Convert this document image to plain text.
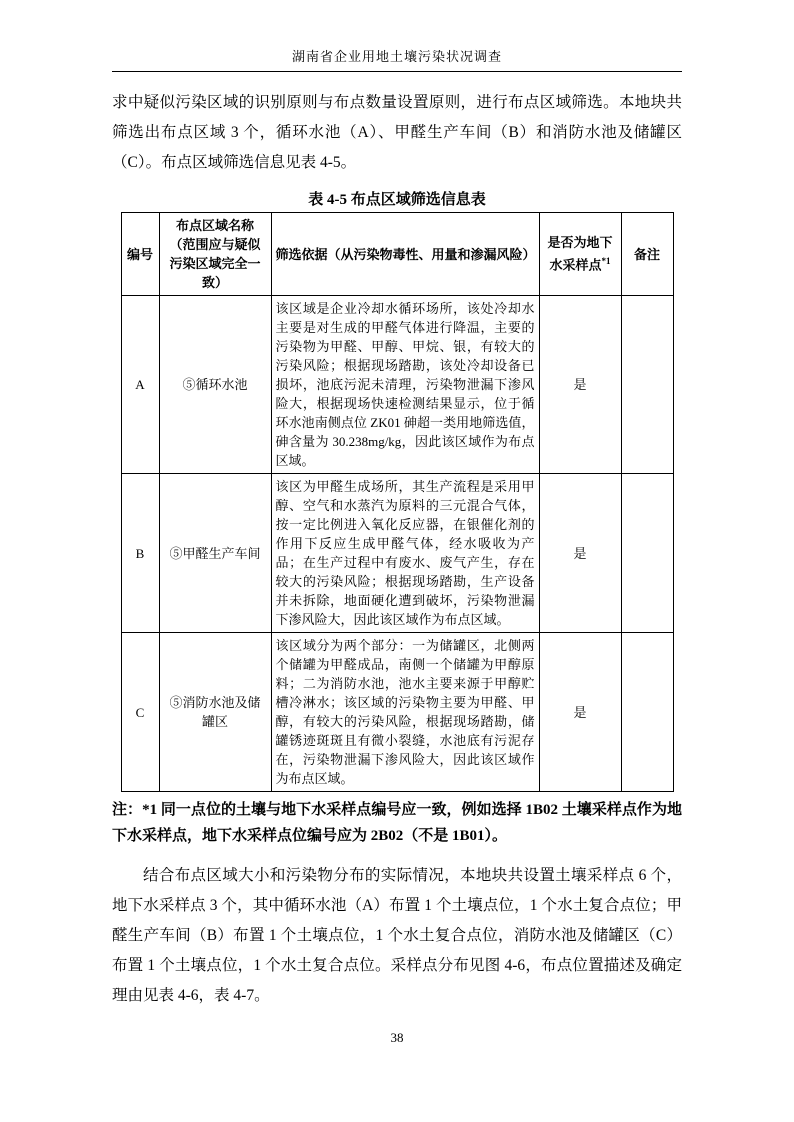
湖南省企业用地土壤污染状况调查

求中疑似污染区域的识别原则与布点数量设置原则，进行布点区域筛选。本地块共筛选出布点区域 3 个，循环水池（A）、甲醛生产车间（B）和消防水池及储罐区（C）。布点区域筛选信息见表 4-5。

表 4-5 布点区域筛选信息表
编号	布点区域名称（范围应与疑似污染区域完全一致）	筛选依据（从污染物毒性、用量和渗漏风险）	是否为地下水采样点$^{*1}$	备注
A	⑤循环水池	该区域是企业冷却水循环场所，该处冷却水主要是对生成的甲醛气体进行降温，主要的污染物为甲醛、甲醇、甲烷、银，有较大的污染风险；根据现场踏勘，该处冷却设备已损坏，池底污泥未清理，污染物泄漏下渗风险大，根据现场快速检测结果显示，位于循环水池南侧点位 ZK01 砷超一类用地筛选值，砷含量为 30.238mg/kg，因此该区域作为布点区域。	是	
B	⑤甲醛生产车间	该区为甲醛生成场所，其生产流程是采用甲醇、空气和水蒸汽为原料的三元混合气体，按一定比例进入氧化反应器，在银催化剂的作用下反应生成甲醛气体，经水吸收为产品；在生产过程中有废水、废气产生，存在较大的污染风险；根据现场踏勘，生产设备并未拆除，地面硬化遭到破坏，污染物泄漏下渗风险大，因此该区域作为布点区域。	是	
C	⑤消防水池及储罐区	该区域分为两个部分：一为储罐区，北侧两个储罐为甲醛成品，南侧一个储罐为甲醇原料；二为消防水池，池水主要来源于甲醇贮槽冷淋水；该区域的污染物主要为甲醛、甲醇，有较大的污染风险，根据现场踏勘，储罐锈迹斑斑且有微小裂缝，水池底有污泥存在，污染物泄漏下渗风险大，因此该区域作为布点区域。	是	

注：*1 同一点位的土壤与地下水采样点编号应一致，例如选择 1B02 土壤采样点作为地下水采样点，地下水采样点位编号应为 2B02（不是 1B01）。

结合布点区域大小和污染物分布的实际情况，本地块共设置土壤采样点 6 个，地下水采样点 3 个，其中循环水池（A）布置 1 个土壤点位，1 个水土复合点位；甲醛生产车间（B）布置 1 个土壤点位，1 个水土复合点位，消防水池及储罐区（C）布置 1 个土壤点位，1 个水土复合点位。采样点分布见图 4-6，布点位置描述及确定理由见表 4-6，表 4-7。

38
